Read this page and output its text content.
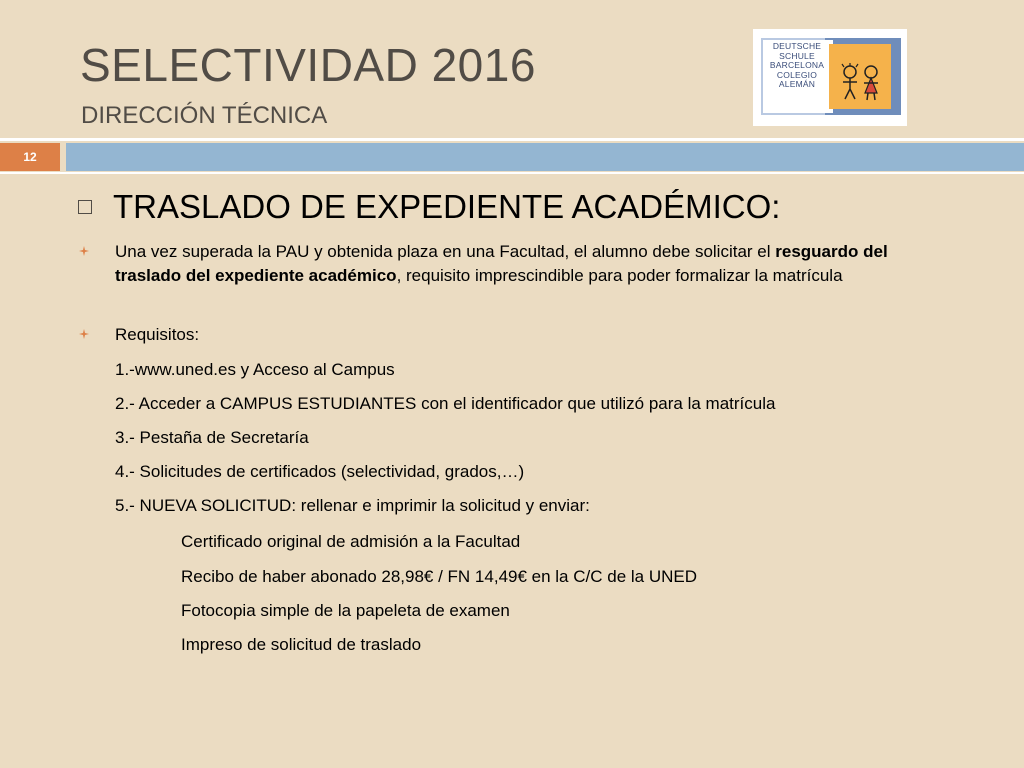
SELECTIVIDAD 2016
DIRECCIÓN TÉCNICA
DEUTSCHE
SCHULE
BARCELONA
COLEGIO
ALEMÁN
12
TRASLADO DE EXPEDIENTE ACADÉMICO:
Una vez superada la PAU y obtenida plaza en una Facultad, el alumno debe solicitar el resguardo del traslado del expediente académico, requisito imprescindible para poder formalizar la matrícula
Requisitos:
1.-www.uned.es y Acceso al Campus
2.- Acceder a CAMPUS ESTUDIANTES con el identificador que utilizó para la matrícula
3.- Pestaña de Secretaría
4.- Solicitudes de certificados (selectividad, grados,…)
5.- NUEVA SOLICITUD: rellenar e imprimir la solicitud y enviar:
Certificado original de admisión a la Facultad
Recibo de haber abonado 28,98€ / FN 14,49€ en la C/C de la UNED
Fotocopia simple de la papeleta de examen
Impreso de solicitud de traslado
